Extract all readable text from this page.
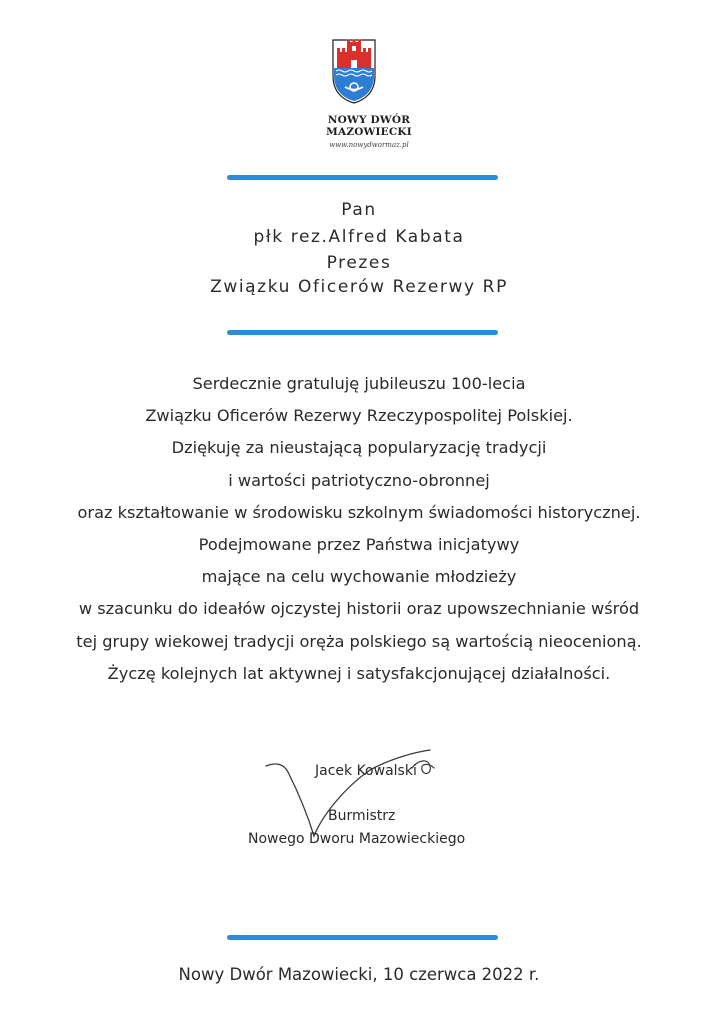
NOWY DWÓR
MAZOWIECKI
www.nowydwormaz.pl
Pan
płk rez.Alfred Kabata
Prezes
Związku Oficerów Rezerwy RP
Serdecznie gratuluję jubileuszu 100-lecia
Związku Oficerów Rezerwy Rzeczypospolitej Polskiej.
Dziękuję za nieustającą popularyzację tradycji
i wartości patriotyczno-obronnej
oraz kształtowanie w środowisku szkolnym świadomości historycznej.
Podejmowane przez Państwa inicjatywy
mające na celu wychowanie młodzieży
w szacunku do ideałów ojczystej historii oraz upowszechnianie wśród
tej grupy wiekowej tradycji oręża polskiego są wartością nieocenioną.
Życzę kolejnych lat aktywnej i satysfakcjonującej działalności.
Jacek Kowalski
Burmistrz
Nowego Dworu Mazowieckiego
Nowy Dwór Mazowiecki, 10 czerwca 2022 r.
